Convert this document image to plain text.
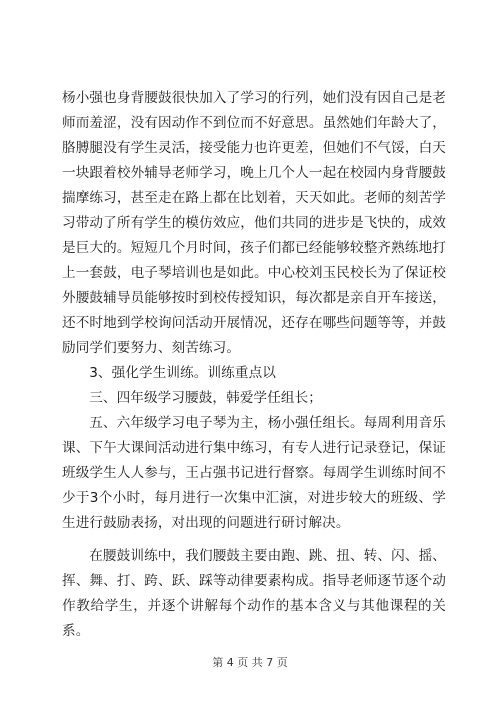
杨小强也身背腰鼓很快加入了学习的行列，她们没有因自己是老师而羞涩，没有因动作不到位而不好意思。虽然她们年龄大了，胳膊腿没有学生灵活，接受能力也许更差，但她们不气馁，白天一块跟着校外辅导老师学习，晚上几个人一起在校园内身背腰鼓揣摩练习，甚至走在路上都在比划着，天天如此。老师的刻苦学习带动了所有学生的模仿效应，他们共同的进步是飞快的，成效是巨大的。短短几个月时间，孩子们都已经能够较整齐熟练地打上一套鼓，电子琴培训也是如此。中心校刘玉民校长为了保证校外腰鼓辅导员能够按时到校传授知识，每次都是亲自开车接送，还不时地到学校询问活动开展情况，还存在哪些问题等等，并鼓励同学们要努力、刻苦练习。

3、强化学生训练。训练重点以

三、四年级学习腰鼓，韩爱学任组长；

五、六年级学习电子琴为主，杨小强任组长。每周利用音乐课、下午大课间活动进行集中练习，有专人进行记录登记，保证班级学生人人参与，王占强书记进行督察。每周学生训练时间不少于3个小时，每月进行一次集中汇演，对进步较大的班级、学生进行鼓励表扬，对出现的问题进行研讨解决。

在腰鼓训练中，我们腰鼓主要由跑、跳、扭、转、闪、摇、挥、舞、打、跨、跃、踩等动律要素构成。指导老师逐节逐个动作教给学生，并逐个讲解每个动作的基本含义与其他课程的关系。

第 4 页 共 7 页
